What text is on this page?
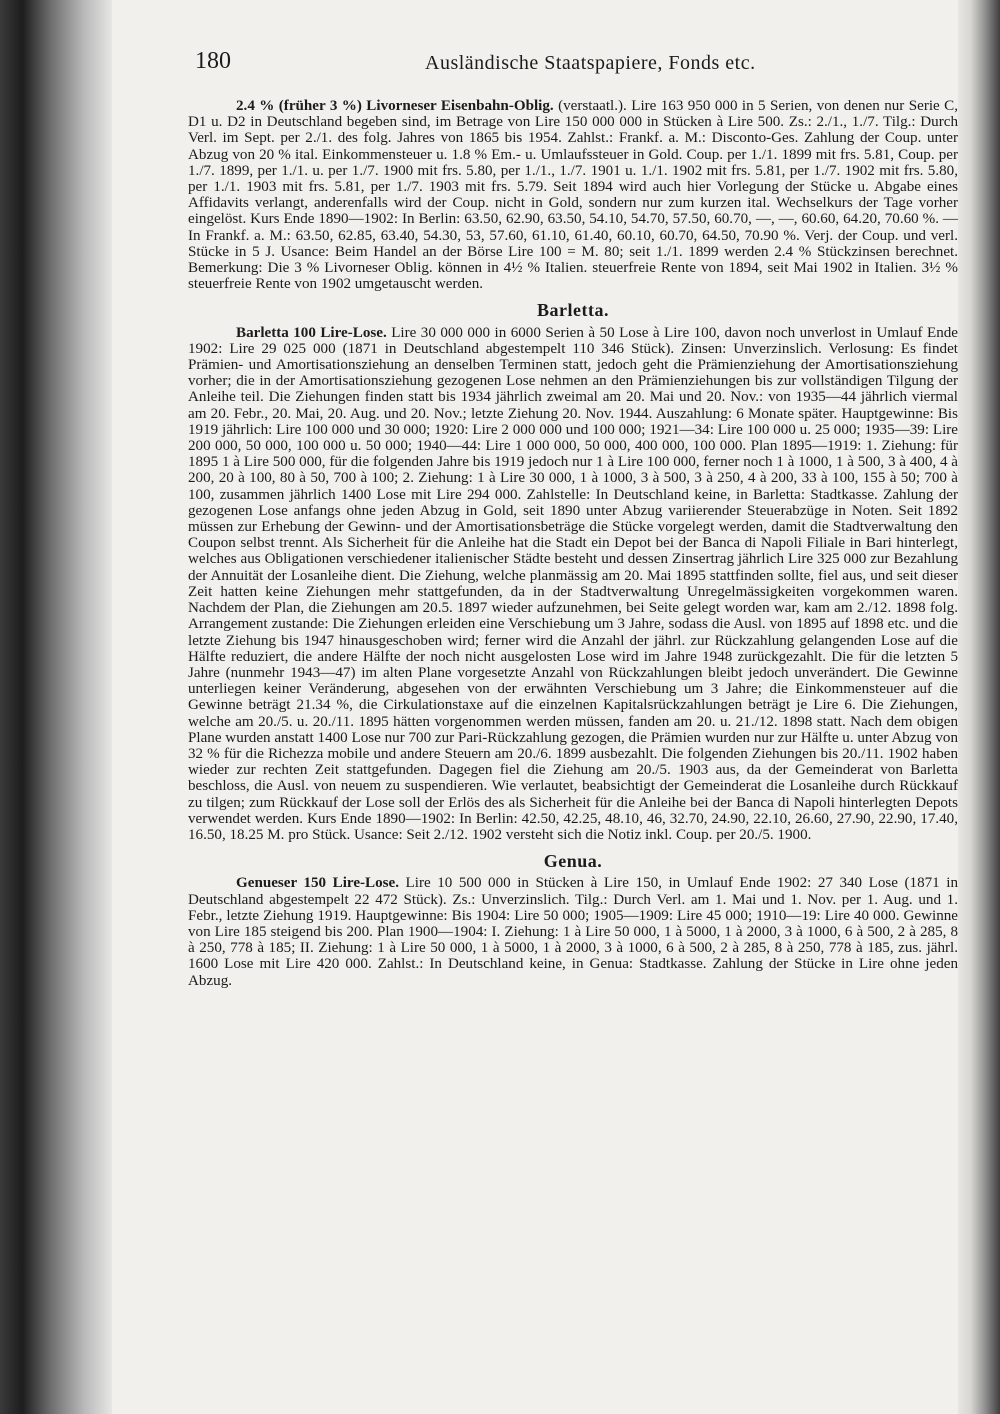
180	Ausländische Staatspapiere, Fonds etc.

2.4 % (früher 3 %) Livorneser Eisenbahn-Oblig. (verstaatl.). Lire 163 950 000 in 5 Serien, von denen nur Serie C, D1 u. D2 in Deutschland begeben sind, im Betrage von Lire 150 000 000 in Stücken à Lire 500. Zs.: 2./1., 1./7. Tilg.: Durch Verl. im Sept. per 2./1. des folg. Jahres von 1865 bis 1954. Zahlst.: Frankf. a. M.: Disconto-Ges. Zahlung der Coup. unter Abzug von 20 % ital. Einkommensteuer u. 1.8 % Em.- u. Umlaufssteuer in Gold. Coup. per 1./1. 1899 mit frs. 5.81, Coup. per 1./7. 1899, per 1./1. u. per 1./7. 1900 mit frs. 5.80, per 1./1., 1./7. 1901 u. 1./1. 1902 mit frs. 5.81, per 1./7. 1902 mit frs. 5.80, per 1./1. 1903 mit frs. 5.81, per 1./7. 1903 mit frs. 5.79. Seit 1894 wird auch hier Vorlegung der Stücke u. Abgabe eines Affidavits verlangt, anderenfalls wird der Coup. nicht in Gold, sondern nur zum kurzen ital. Wechselkurs der Tage vorher eingelöst. Kurs Ende 1890—1902: In Berlin: 63.50, 62.90, 63.50, 54.10, 54.70, 57.50, 60.70, —, —, 60.60, 64.20, 70.60 %. — In Frankf. a. M.: 63.50, 62.85, 63.40, 54.30, 53, 57.60, 61.10, 61.40, 60.10, 60.70, 64.50, 70.90 %. Verj. der Coup. und verl. Stücke in 5 J. Usance: Beim Handel an der Börse Lire 100 = M. 80; seit 1./1. 1899 werden 2.4 % Stückzinsen berechnet. Bemerkung: Die 3 % Livorneser Oblig. können in 4½ % Italien. steuerfreie Rente von 1894, seit Mai 1902 in Italien. 3½ % steuerfreie Rente von 1902 umgetauscht werden.

Barletta.

Barletta 100 Lire-Lose. Lire 30 000 000 in 6000 Serien à 50 Lose à Lire 100, davon noch unverlost in Umlauf Ende 1902: Lire 29 025 000 (1871 in Deutschland abgestempelt 110 346 Stück). Zinsen: Unverzinslich. Verlosung: Es findet Prämien- und Amortisationsziehung an denselben Terminen statt, jedoch geht die Prämienziehung der Amortisationsziehung vorher; die in der Amortisationsziehung gezogenen Lose nehmen an den Prämienziehungen bis zur vollständigen Tilgung der Anleihe teil. Die Ziehungen finden statt bis 1934 jährlich zweimal am 20. Mai und 20. Nov.: von 1935—44 jährlich viermal am 20. Febr., 20. Mai, 20. Aug. und 20. Nov.; letzte Ziehung 20. Nov. 1944. Auszahlung: 6 Monate später. Hauptgewinne: Bis 1919 jährlich: Lire 100 000 und 30 000; 1920: Lire 2 000 000 und 100 000; 1921—34: Lire 100 000 u. 25 000; 1935—39: Lire 200 000, 50 000, 100 000 u. 50 000; 1940—44: Lire 1 000 000, 50 000, 400 000, 100 000. Plan 1895—1919: 1. Ziehung: für 1895 1 à Lire 500 000, für die folgenden Jahre bis 1919 jedoch nur 1 à Lire 100 000, ferner noch 1 à 1000, 1 à 500, 3 à 400, 4 à 200, 20 à 100, 80 à 50, 700 à 100; 2. Ziehung: 1 à Lire 30 000, 1 à 1000, 3 à 500, 3 à 250, 4 à 200, 33 à 100, 155 à 50; 700 à 100, zusammen jährlich 1400 Lose mit Lire 294 000. Zahlstelle: In Deutschland keine, in Barletta: Stadtkasse. Zahlung der gezogenen Lose anfangs ohne jeden Abzug in Gold, seit 1890 unter Abzug variierender Steuerabzüge in Noten. Seit 1892 müssen zur Erhebung der Gewinn- und der Amortisationsbeträge die Stücke vorgelegt werden, damit die Stadtverwaltung den Coupon selbst trennt. Als Sicherheit für die Anleihe hat die Stadt ein Depot bei der Banca di Napoli Filiale in Bari hinterlegt, welches aus Obligationen verschiedener italienischer Städte besteht und dessen Zinsertrag jährlich Lire 325 000 zur Bezahlung der Annuität der Losanleihe dient. Die Ziehung, welche planmässig am 20. Mai 1895 stattfinden sollte, fiel aus, und seit dieser Zeit hatten keine Ziehungen mehr stattgefunden, da in der Stadtverwaltung Unregelmässigkeiten vorgekommen waren. Nachdem der Plan, die Ziehungen am 20.5. 1897 wieder aufzunehmen, bei Seite gelegt worden war, kam am 2./12. 1898 folg. Arrangement zustande: Die Ziehungen erleiden eine Verschiebung um 3 Jahre, sodass die Ausl. von 1895 auf 1898 etc. und die letzte Ziehung bis 1947 hinausgeschoben wird; ferner wird die Anzahl der jährl. zur Rückzahlung gelangenden Lose auf die Hälfte reduziert, die andere Hälfte der noch nicht ausgelosten Lose wird im Jahre 1948 zurückgezahlt. Die für die letzten 5 Jahre (nunmehr 1943—47) im alten Plane vorgesetzte Anzahl von Rückzahlungen bleibt jedoch unverändert. Die Gewinne unterliegen keiner Veränderung, abgesehen von der erwähnten Verschiebung um 3 Jahre; die Einkommensteuer auf die Gewinne beträgt 21.34 %, die Cirkulationstaxe auf die einzelnen Kapitalsrückzahlungen beträgt je Lire 6. Die Ziehungen, welche am 20./5. u. 20./11. 1895 hätten vorgenommen werden müssen, fanden am 20. u. 21./12. 1898 statt. Nach dem obigen Plane wurden anstatt 1400 Lose nur 700 zur Pari-Rückzahlung gezogen, die Prämien wurden nur zur Hälfte u. unter Abzug von 32 % für die Richezza mobile und andere Steuern am 20./6. 1899 ausbezahlt. Die folgenden Ziehungen bis 20./11. 1902 haben wieder zur rechten Zeit stattgefunden. Dagegen fiel die Ziehung am 20./5. 1903 aus, da der Gemeinderat von Barletta beschloss, die Ausl. von neuem zu suspendieren. Wie verlautet, beabsichtigt der Gemeinderat die Losanleihe durch Rückkauf zu tilgen; zum Rückkauf der Lose soll der Erlös des als Sicherheit für die Anleihe bei der Banca di Napoli hinterlegten Depots verwendet werden. Kurs Ende 1890—1902: In Berlin: 42.50, 42.25, 48.10, 46, 32.70, 24.90, 22.10, 26.60, 27.90, 22.90, 17.40, 16.50, 18.25 M. pro Stück. Usance: Seit 2./12. 1902 versteht sich die Notiz inkl. Coup. per 20./5. 1900.

Genua.

Genueser 150 Lire-Lose. Lire 10 500 000 in Stücken à Lire 150, in Umlauf Ende 1902: 27 340 Lose (1871 in Deutschland abgestempelt 22 472 Stück). Zs.: Unverzinslich. Tilg.: Durch Verl. am 1. Mai und 1. Nov. per 1. Aug. und 1. Febr., letzte Ziehung 1919. Hauptgewinne: Bis 1904: Lire 50 000; 1905—1909: Lire 45 000; 1910—19: Lire 40 000. Gewinne von Lire 185 steigend bis 200. Plan 1900—1904: I. Ziehung: 1 à Lire 50 000, 1 à 5000, 1 à 2000, 3 à 1000, 6 à 500, 2 à 285, 8 à 250, 778 à 185; II. Ziehung: 1 à Lire 50 000, 1 à 5000, 1 à 2000, 3 à 1000, 6 à 500, 2 à 285, 8 à 250, 778 à 185, zus. jährl. 1600 Lose mit Lire 420 000. Zahlst.: In Deutschland keine, in Genua: Stadtkasse. Zahlung der Stücke in Lire ohne jeden Abzug.
